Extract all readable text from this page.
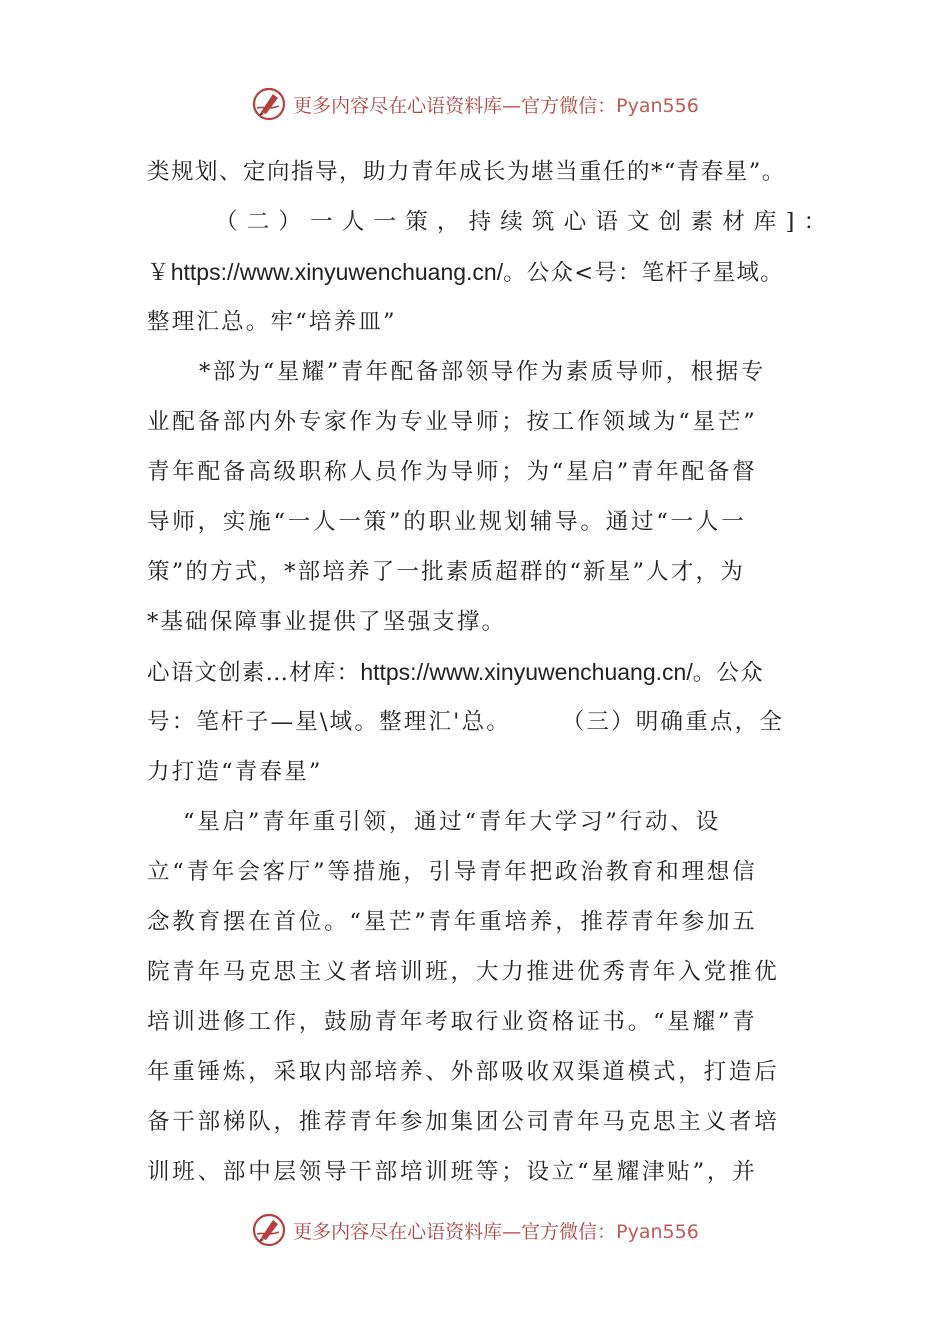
更多内容尽在心语资料库—官方微信：Pyan556
类规划、定向指导，助力青年成长为堪当重任的*“青春星”。
（二）一人一策，持续筑心语文创素材库]：
￥https://www.xinyuwenchuang.cn/。公众<号：笔杆子星域。
整理汇总。牢“培养皿”
*部为“星耀”青年配备部领导作为素质导师，根据专
业配备部内外专家作为专业导师；按工作领域为“星芒”
青年配备高级职称人员作为导师；为“星启”青年配备督
导师，实施“一人一策”的职业规划辅导。通过“一人一
策”的方式，*部培养了一批素质超群的“新星”人才，为
*基础保障事业提供了坚强支撑。
心语文创素…材库：https://www.xinyuwenchuang.cn/。公众
号：笔杆子—星\域。整理汇'总。	（三）明确重点，全
力打造“青春星”
“星启”青年重引领，通过“青年大学习”行动、设
立“青年会客厅”等措施，引导青年把政治教育和理想信
念教育摆在首位。“星芒”青年重培养，推荐青年参加五
院青年马克思主义者培训班，大力推进优秀青年入党推优
培训进修工作，鼓励青年考取行业资格证书。“星耀”青
年重锤炼，采取内部培养、外部吸收双渠道模式，打造后
备干部梯队，推荐青年参加集团公司青年马克思主义者培
训班、部中层领导干部培训班等；设立“星耀津贴”，并
更多内容尽在心语资料库—官方微信：Pyan556
